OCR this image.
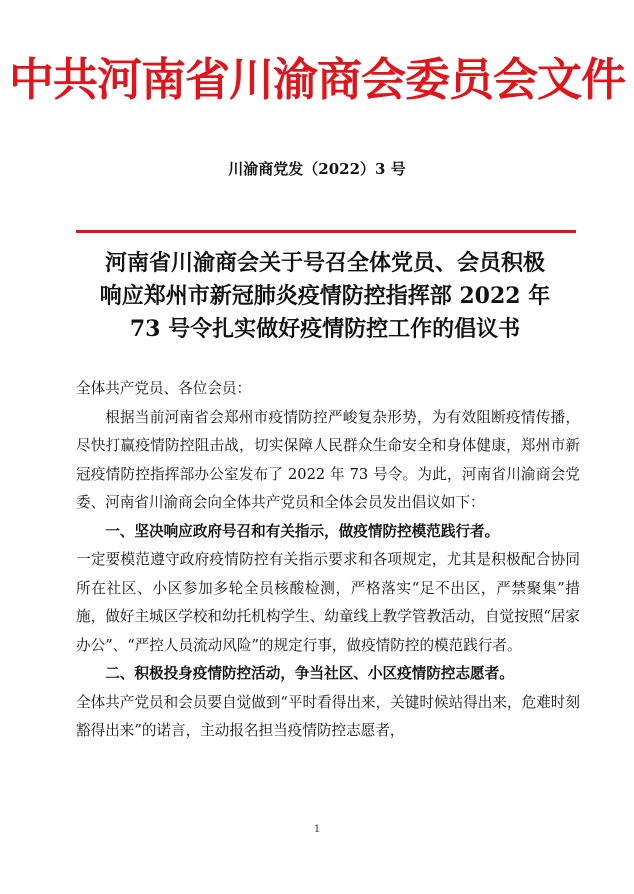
中共河南省川渝商会委员会文件
川渝商党发（2022）3 号
河南省川渝商会关于号召全体党员、会员积极
响应郑州市新冠肺炎疫情防控指挥部 2022 年
73 号令扎实做好疫情防控工作的倡议书

全体共产党员、各位会员：

根据当前河南省会郑州市疫情防控严峻复杂形势，为有效阻断疫情传播，尽快打赢疫情防控阻击战，切实保障人民群众生命安全和身体健康，郑州市新冠疫情防控指挥部办公室发布了 2022 年 73 号令。为此，河南省川渝商会党委、河南省川渝商会向全体共产党员和全体会员发出倡议如下：

一、坚决响应政府号召和有关指示，做疫情防控模范践行者。

一定要模范遵守政府疫情防控有关指示要求和各项规定，尤其是积极配合协同所在社区、小区参加多轮全员核酸检测，严格落实“足不出区，严禁聚集”措施，做好主城区学校和幼托机构学生、幼童线上教学管教活动，自觉按照“居家办公”、“严控人员流动风险”的规定行事，做疫情防控的模范践行者。

二、积极投身疫情防控活动，争当社区、小区疫情防控志愿者。

全体共产党员和会员要自觉做到“平时看得出来，关键时候站得出来，危难时刻豁得出来”的诺言，主动报名担当疫情防控志愿者，

1
